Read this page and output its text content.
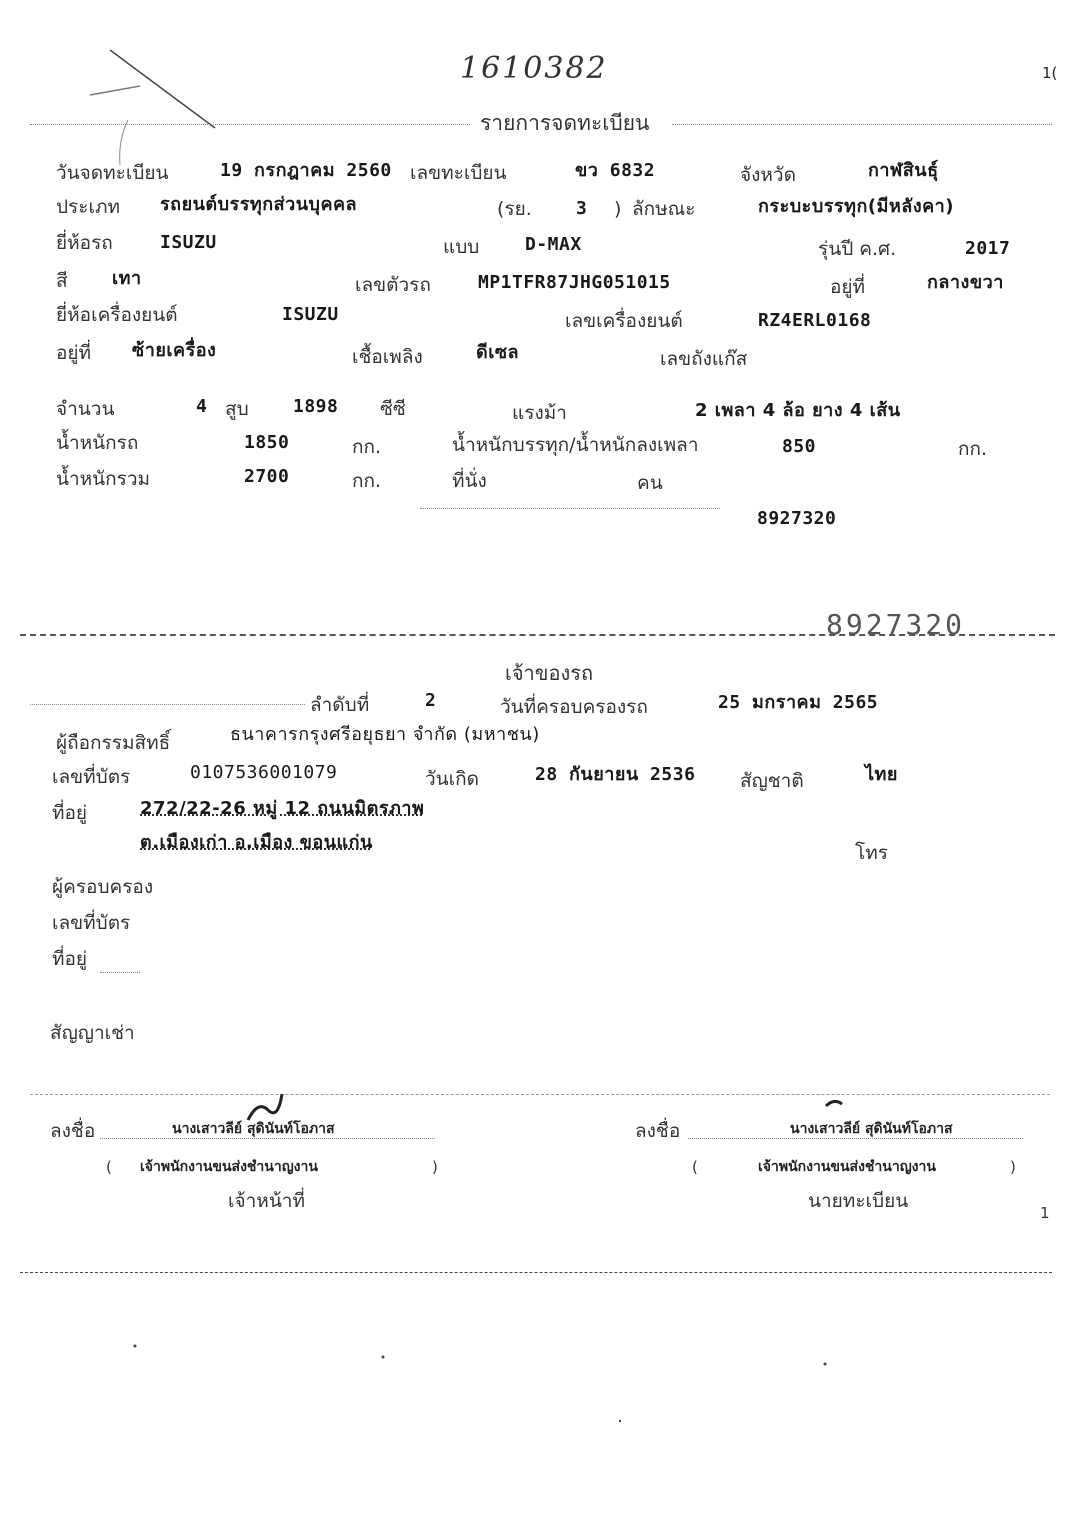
1610382	1(
รายการจดทะเบียน
วันจดทะเบียน	19 กรกฎาคม 2560 เลขทะเบียน	ขว 6832	จังหวัด	กาฬสินธุ์
ประเภท รถยนต์บรรทุกส่วนบุคคล	(รย. 3 ) ลักษณะ	กระบะบรรทุก(มีหลังคา)
ยี่ห้อรถ	ISUZU	แบบ	D-MAX	รุ่นปี ค.ศ.	2017
สี เทา	เลขตัวรถ	MP1TFR87JHG051015	อยู่ที่	กลางขวา
ยี่ห้อเครื่องยนต์	ISUZU	เลขเครื่องยนต์	RZ4ERL0168
อยู่ที่ ซ้ายเครื่อง	เชื้อเพลิง	ดีเซล	เลขถังแก๊ส
จำนวน	4 สูบ 1898 ซีซี	แรงม้า	2 เพลา 4 ล้อ ยาง 4 เส้น
น้ำหนักรถ	1850	กก.	น้ำหนักบรรทุก/น้ำหนักลงเพลา	850	กก.
น้ำหนักรวม	2700	กก.	ที่นั่ง	คน
8927320
8927320
เจ้าของรถ
ลำดับที่	2	วันที่ครอบครองรถ	25 มกราคม 2565
ผู้ถือกรรมสิทธิ์	ธนาคารกรุงศรีอยุธยา จำกัด (มหาชน)
เลขที่บัตร	0107536001079	วันเกิด	28 กันยายน 2536 สัญชาติ	ไทย
ที่อยู่	272/22-26 หมู่ 12 ถนนมิตรภาพ
ต.เมืองเก่า อ.เมือง ขอนแก่น	โทร
ผู้ครอบครอง
เลขที่บัตร
ที่อยู่
สัญญาเช่า
ลงชื่อ	นางเสาวลีย์ สุดินันท์โอภาส
( เจ้าพนักงานขนส่งชำนาญงาน	)
เจ้าหน้าที่
ลงชื่อ	นางเสาวลีย์ สุดินันท์โอภาส
(	เจ้าพนักงานขนส่งชำนาญงาน	)
นายทะเบียน
1
